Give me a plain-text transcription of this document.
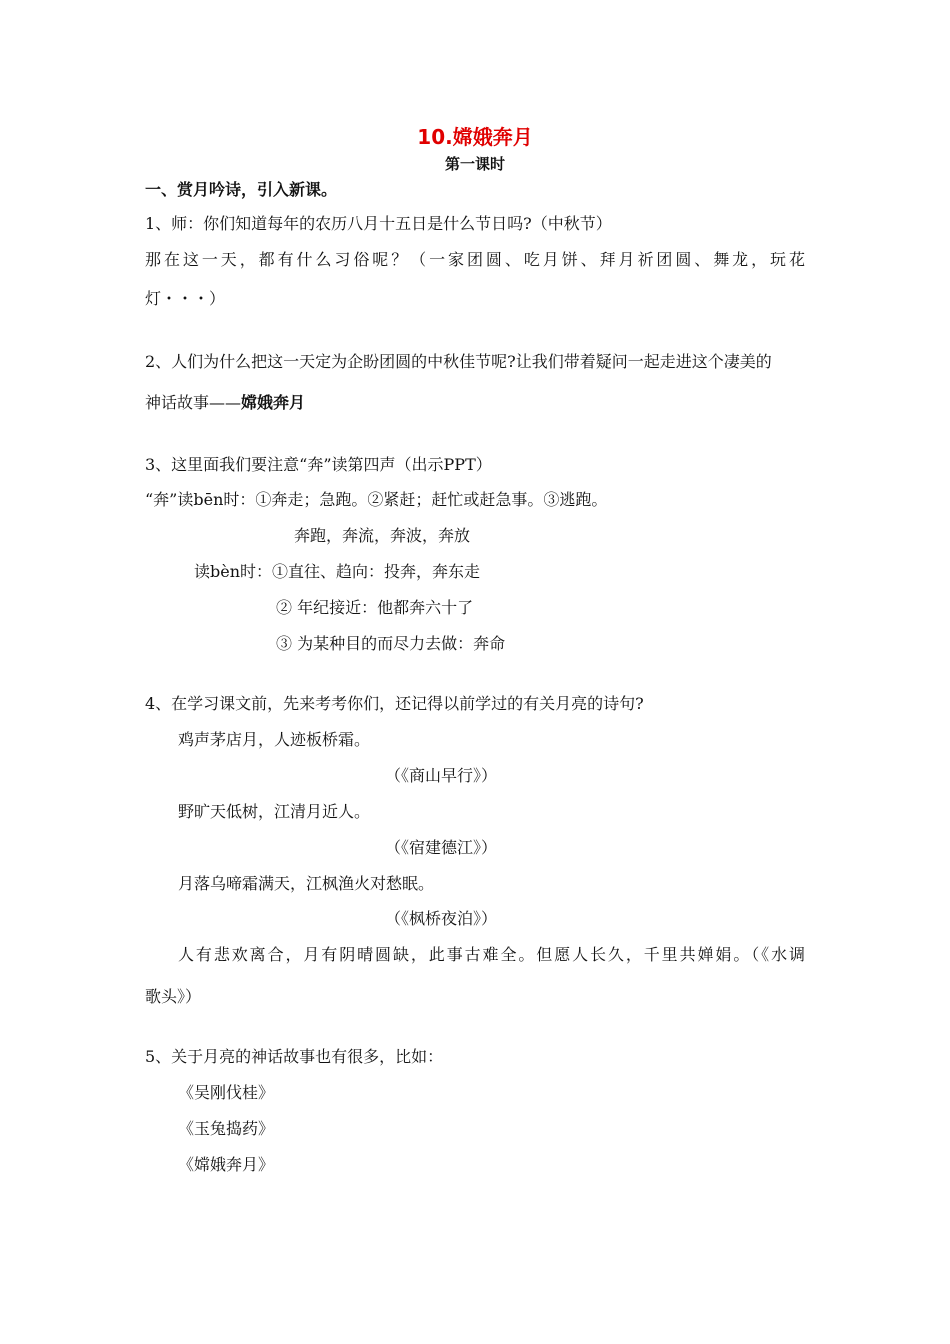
10.嫦娥奔月
第一课时
一、赏月吟诗，引入新课。
1、师：你们知道每年的农历八月十五日是什么节日吗?（中秋节）
那在这一天，都有什么习俗呢？（一家团圆、吃月饼、拜月祈团圆、舞龙，玩花
灯・・・）
2、人们为什么把这一天定为企盼团圆的中秋佳节呢?让我们带着疑问一起走进这个凄美的
神话故事——嫦娥奔月
3、这里面我们要注意“奔”读第四声（出示PPT）
“奔”读bēn时：①奔走；急跑。②紧赶；赶忙或赶急事。③逃跑。
奔跑，奔流，奔波，奔放
读bèn时：①直往、趋向：投奔，奔东走
② 年纪接近：他都奔六十了
③ 为某种目的而尽力去做：奔命
4、在学习课文前，先来考考你们，还记得以前学过的有关月亮的诗句?
鸡声茅店月，人迹板桥霜。
（《商山早行》）
野旷天低树，江清月近人。
（《宿建德江》）
月落乌啼霜满天，江枫渔火对愁眠。
（《枫桥夜泊》）
人有悲欢离合，月有阴晴圆缺，此事古难全。但愿人长久，千里共婵娟。（《水调
歌头》）
5、关于月亮的神话故事也有很多，比如：
《吴刚伐桂》
《玉兔捣药》
《嫦娥奔月》
